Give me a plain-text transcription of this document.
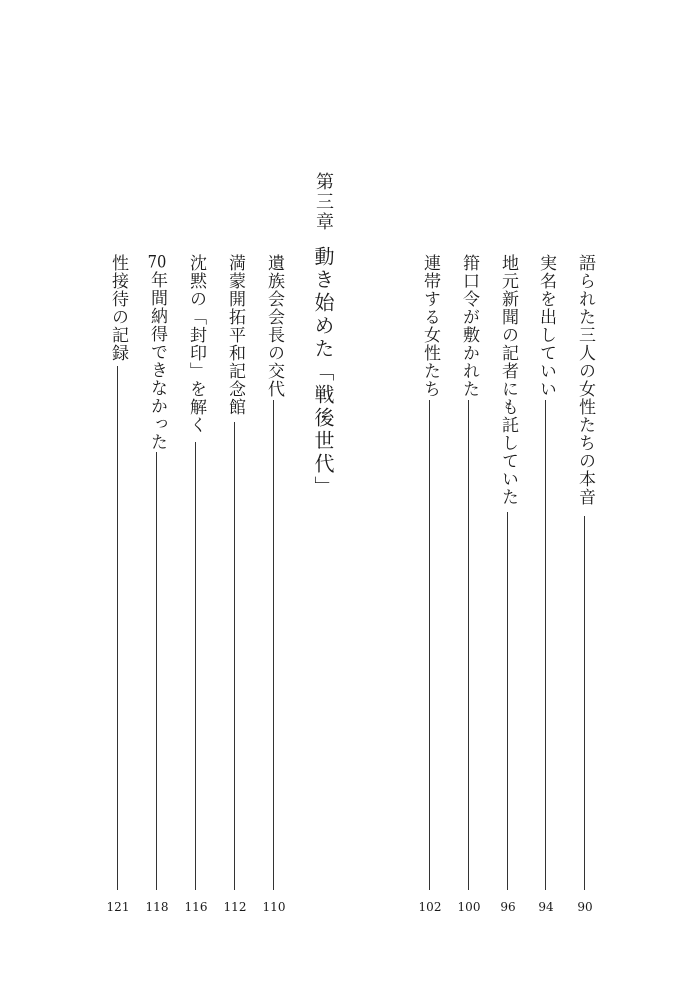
語られた三人の女性たちの本音
90
実名を出していい
94
地元新聞の記者にも託していた
96
箝口令が敷かれた
100
連帯する女性たち
102
第三章
動き始めた「戦後世代」
遺族会会長の交代
110
満蒙開拓平和記念館
112
沈黙の「封印」を解く
116
70年間納得できなかった
118
性接待の記録
121
